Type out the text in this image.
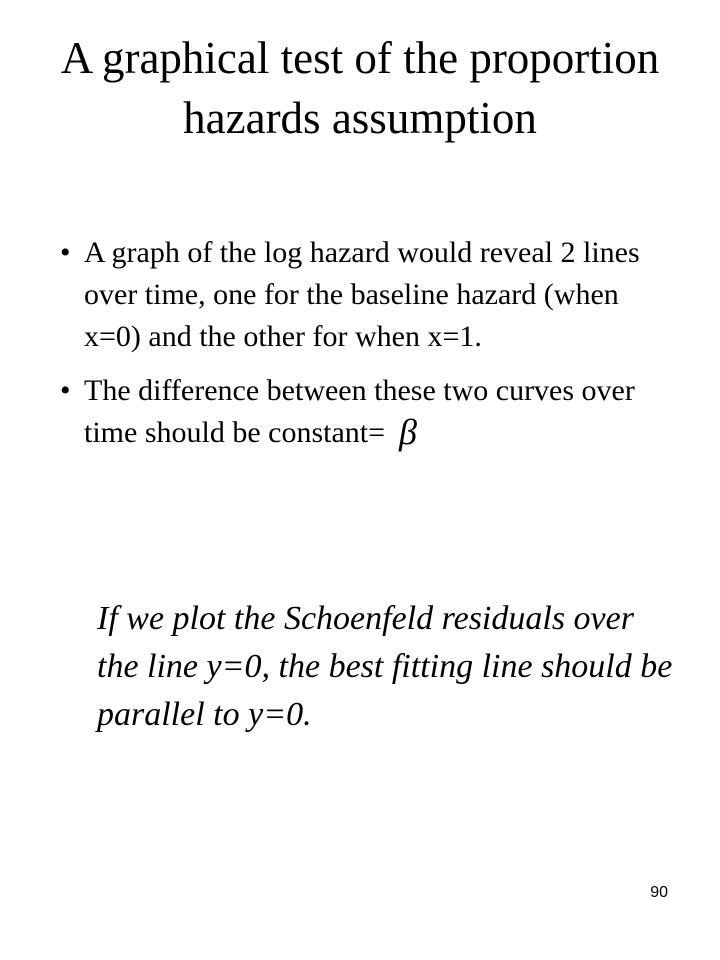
A graphical test of the proportion hazards assumption
• A graph of the log hazard would reveal 2 lines over time, one for the baseline hazard (when x=0) and the other for when x=1.
• The difference between these two curves over time should be constant= β

If we plot the Schoenfeld residuals over the line y=0, the best fitting line should be parallel to y=0.

90
